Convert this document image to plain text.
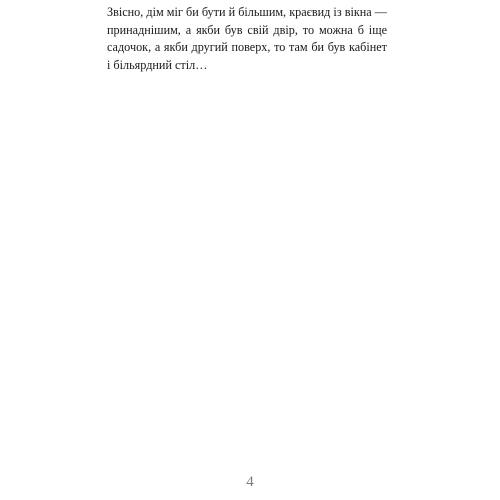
Звісно, дім міг би бути й більшим, краєвид із вікна — принаднішим, а якби був свій двір, то можна б іще садочок, а якби другий поверх, то там би був кабінет і більярдний стіл…

4
